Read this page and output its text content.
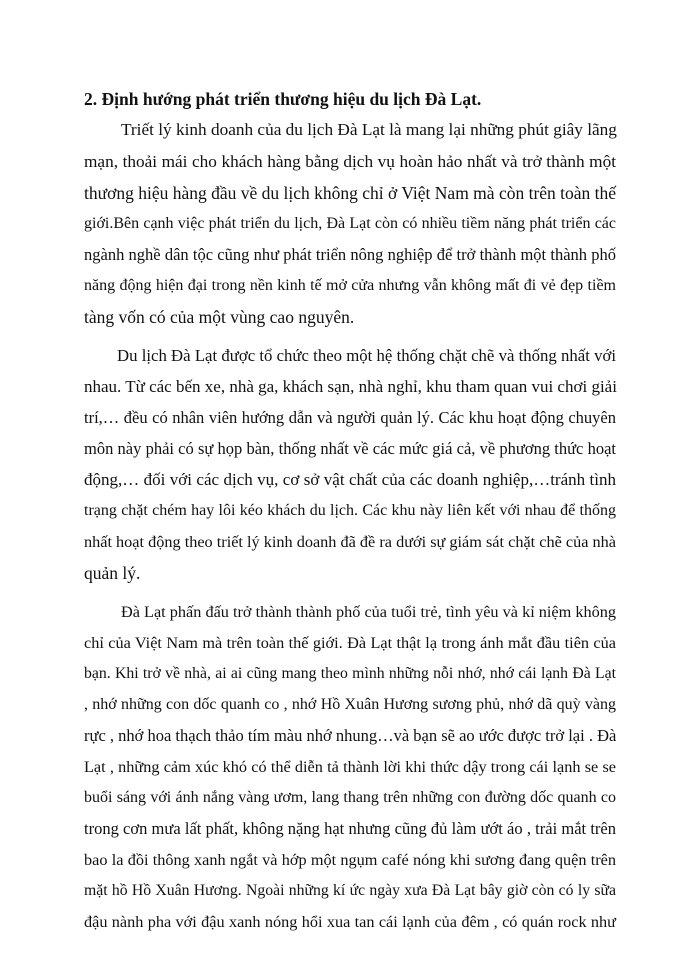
2. Định hướng phát triển thương hiệu du lịch Đà Lạt.
Triết lý kinh doanh của du lịch Đà Lạt là mang lại những phút giây lãng
mạn, thoải mái cho khách hàng bằng dịch vụ hoàn hảo nhất và trở thành một
thương hiệu hàng đầu về du lịch không chỉ ở Việt Nam mà còn trên toàn thế
giới.Bên cạnh việc phát triển du lịch, Đà Lạt còn có nhiều tiềm năng phát triển các
ngành nghề dân tộc cũng như phát triển nông nghiệp để trở thành một thành phố
năng động hiện đại trong nền kinh tế mở cửa nhưng vẫn không mất đi vẻ đẹp tiềm
tàng vốn có của một vùng cao nguyên.
Du lịch Đà Lạt được tổ chức theo một hệ thống chặt chẽ và thống nhất với
nhau. Từ các bến xe, nhà ga, khách sạn, nhà nghỉ, khu tham quan vui chơi giải
trí,… đều có nhân viên hướng dẫn và người quản lý. Các khu hoạt động chuyên
môn này phải có sự họp bàn, thống nhất về các mức giá cả, về phương thức hoạt
động,… đối với các dịch vụ, cơ sở vật chất của các doanh nghiệp,…tránh tình
trạng chặt chém hay lôi kéo khách du lịch. Các khu này liên kết với nhau để thống
nhất hoạt động theo triết lý kinh doanh đã đề ra dưới sự giám sát chặt chẽ của nhà
quản lý.
Đà Lạt phấn đấu trở thành thành phố của tuổi trẻ, tình yêu và kỉ niệm không
chỉ của Việt Nam mà trên toàn thế giới. Đà Lạt thật lạ trong ánh mắt đầu tiên của
bạn. Khi trở về nhà, ai ai cũng mang theo mình những nỗi nhớ, nhớ cái lạnh Đà Lạt
, nhớ những con dốc quanh co , nhớ Hồ Xuân Hương sương phủ, nhớ dã quỳ vàng
rực , nhớ hoa thạch thảo tím màu nhớ nhung…và bạn sẽ ao ước được trở lại . Đà
Lạt , những cảm xúc khó có thể diễn tả thành lời khi thức dậy trong cái lạnh se se
buổi sáng với ánh nắng vàng ươm, lang thang trên những con đường dốc quanh co
trong cơn mưa lất phất, không nặng hạt nhưng cũng đủ làm ướt áo , trải mắt trên
bao la đồi thông xanh ngắt và hớp một ngụm café nóng khi sương đang quện trên
mặt hồ Hồ Xuân Hương. Ngoài những kí ức ngày xưa Đà Lạt bây giờ còn có ly sữa
đậu nành pha với đậu xanh nóng hổi xua tan cái lạnh của đêm , có quán rock như
